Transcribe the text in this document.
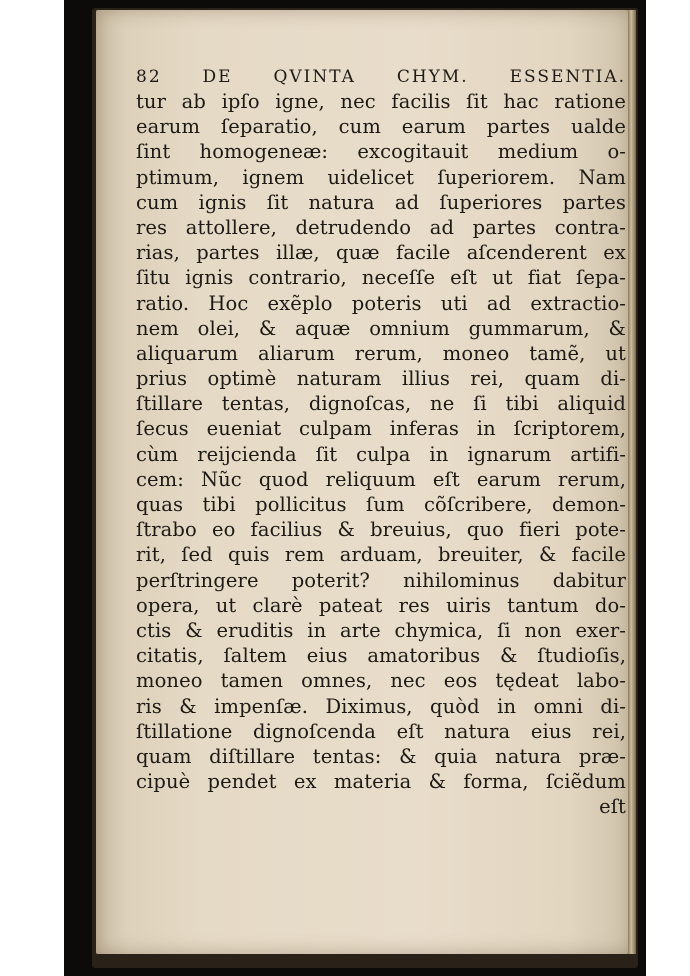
82 DE QVINTA CHYM. ESSENTIA.
tur ab ipſo igne, nec facilis ſit hac ratione
earum ſeparatio, cum earum partes ualde
ſint homogeneæ: excogitauit medium o-
ptimum, ignem uidelicet ſuperiorem. Nam
cum ignis ſit natura ad ſuperiores partes
res attollere, detrudendo ad partes contra-
rias, partes illæ, quæ facile aſcenderent ex
ſitu ignis contrario, neceſſe eſt ut fiat ſepa-
ratio. Hoc exẽplo poteris uti ad extractio-
nem olei, & aquæ omnium gummarum, &
aliquarum aliarum rerum, moneo tamẽ, ut
prius optimè naturam illius rei, quam di-
ſtillare tentas, dignoſcas, ne ſi tibi aliquid
ſecus eueniat culpam inferas in ſcriptorem,
cùm reijcienda ſit culpa in ignarum artifi-
cem: Nũc quod reliquum eſt earum rerum,
quas tibi pollicitus ſum cõſcribere, demon-
ſtrabo eo facilius & breuius, quo fieri pote-
rit, ſed quis rem arduam, breuiter, & facile
perſtringere poterit? nihilominus dabitur
opera, ut clarè pateat res uiris tantum do-
ctis & eruditis in arte chymica, ſi non exer-
citatis, ſaltem eius amatoribus & ſtudioſis,
moneo tamen omnes, nec eos tędeat labo-
ris & impenſæ. Diximus, quòd in omni di-
ſtillatione dignoſcenda eſt natura eius rei,
quam diſtillare tentas: & quia natura præ-
cipuè pendet ex materia & forma, ſciẽdum
eſt
